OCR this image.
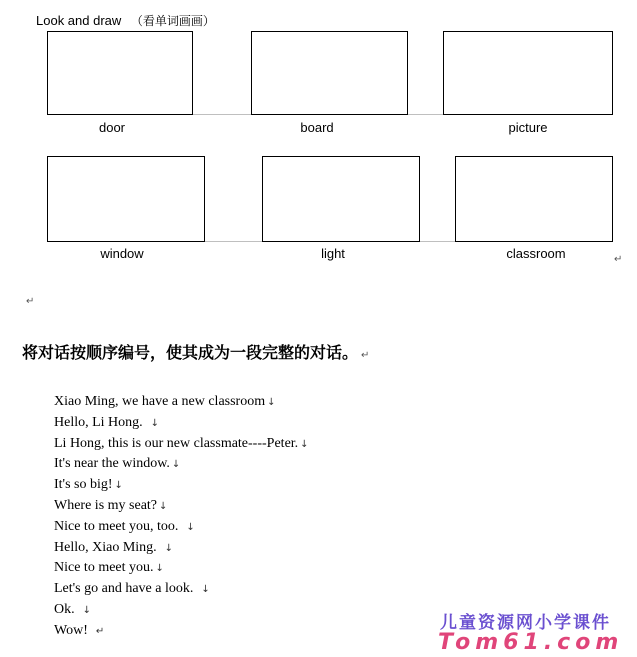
Look and draw （看单词画画）
door	board	picture
window	light	classroom	↵
↵
将对话按顺序编号，使其成为一段完整的对话。 ↵
Xiao Ming, we have a new classroom ↓
Hello, Li Hong. ↓
Li Hong, this is our new classmate----Peter. ↓
It's near the window. ↓
It's so big! ↓
Where is my seat? ↓
Nice to meet you, too. ↓
Hello, Xiao Ming. ↓
Nice to meet you. ↓
Let's go and have a look. ↓
Ok. ↓
Wow! ↵	儿童资源网小学课件
Tom61.com
